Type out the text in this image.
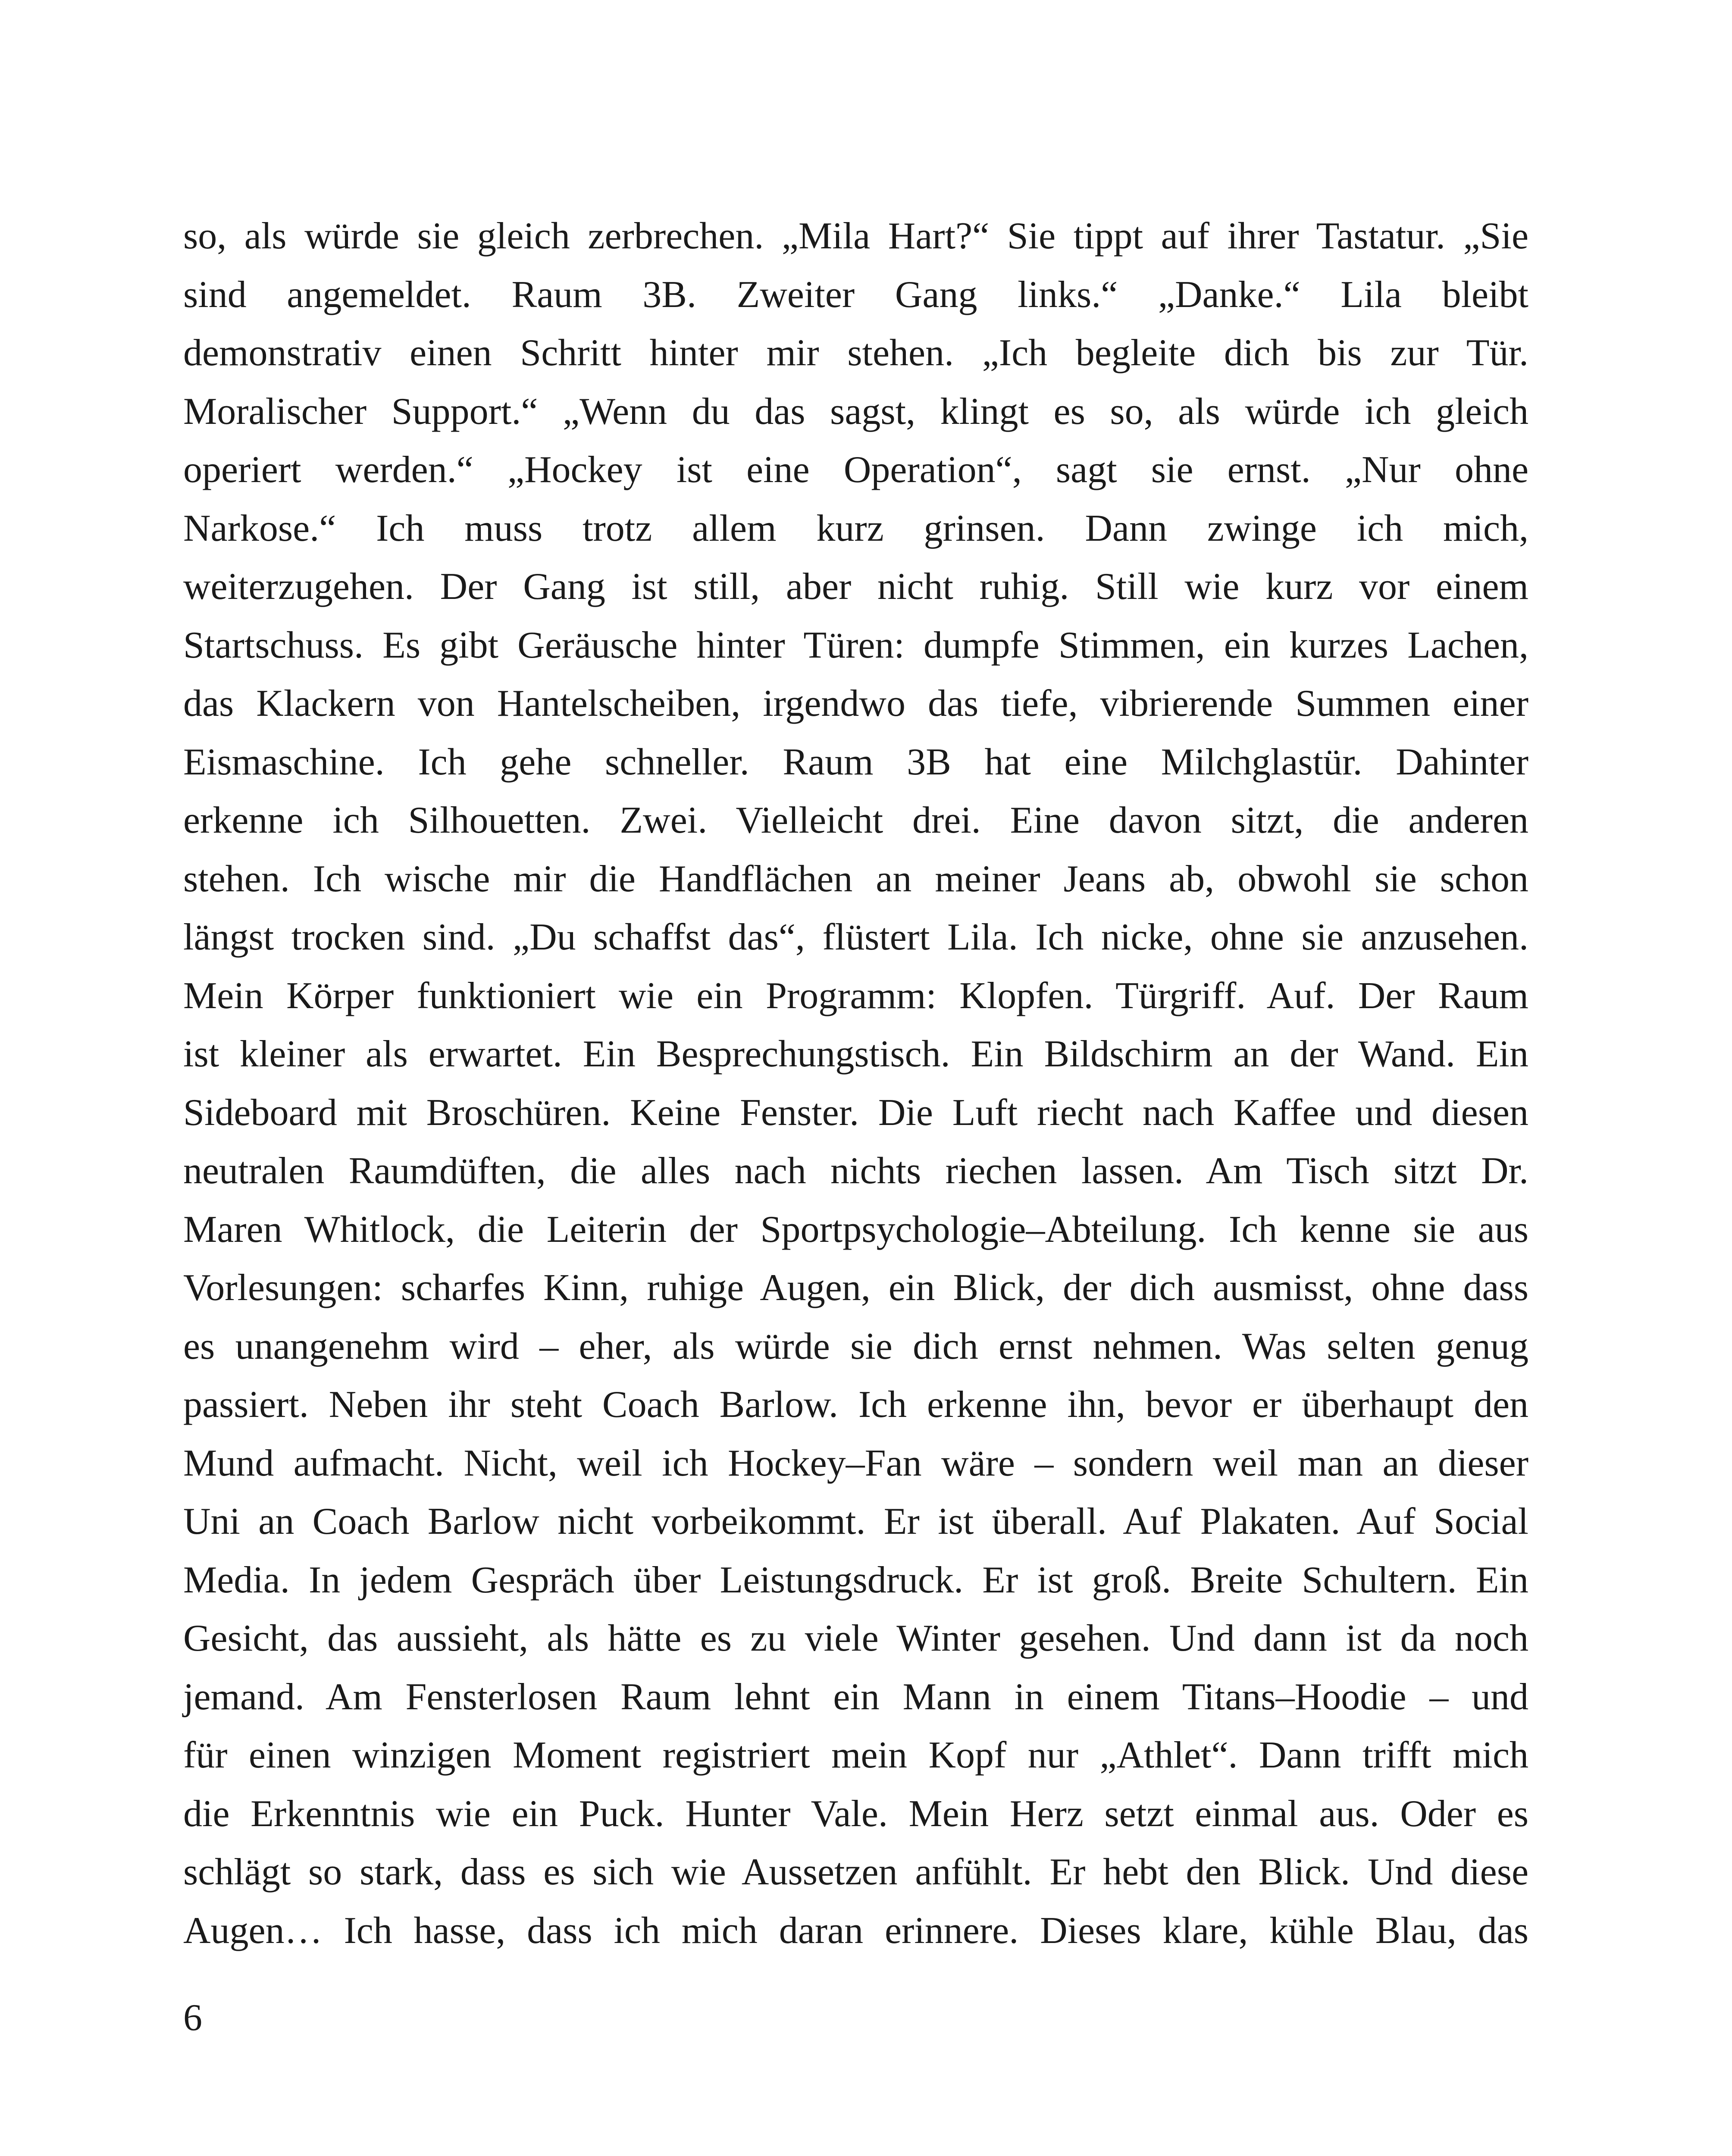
so, als würde sie gleich zerbrechen. „Mila Hart?“ Sie tippt auf ihrer Tastatur. „Sie
sind angemeldet. Raum 3B. Zweiter Gang links.“ „Danke.“ Lila bleibt
demonstrativ einen Schritt hinter mir stehen. „Ich begleite dich bis zur Tür.
Moralischer Support.“ „Wenn du das sagst, klingt es so, als würde ich gleich
operiert werden.“ „Hockey ist eine Operation“, sagt sie ernst. „Nur ohne
Narkose.“ Ich muss trotz allem kurz grinsen. Dann zwinge ich mich,
weiterzugehen. Der Gang ist still, aber nicht ruhig. Still wie kurz vor einem
Startschuss. Es gibt Geräusche hinter Türen: dumpfe Stimmen, ein kurzes Lachen,
das Klackern von Hantelscheiben, irgendwo das tiefe, vibrierende Summen einer
Eismaschine. Ich gehe schneller. Raum 3B hat eine Milchglastür. Dahinter
erkenne ich Silhouetten. Zwei. Vielleicht drei. Eine davon sitzt, die anderen
stehen. Ich wische mir die Handflächen an meiner Jeans ab, obwohl sie schon
längst trocken sind. „Du schaffst das“, flüstert Lila. Ich nicke, ohne sie anzusehen.
Mein Körper funktioniert wie ein Programm: Klopfen. Türgriff. Auf. Der Raum
ist kleiner als erwartet. Ein Besprechungstisch. Ein Bildschirm an der Wand. Ein
Sideboard mit Broschüren. Keine Fenster. Die Luft riecht nach Kaffee und diesen
neutralen Raumdüften, die alles nach nichts riechen lassen. Am Tisch sitzt Dr.
Maren Whitlock, die Leiterin der Sportpsychologie–Abteilung. Ich kenne sie aus
Vorlesungen: scharfes Kinn, ruhige Augen, ein Blick, der dich ausmisst, ohne dass
es unangenehm wird – eher, als würde sie dich ernst nehmen. Was selten genug
passiert. Neben ihr steht Coach Barlow. Ich erkenne ihn, bevor er überhaupt den
Mund aufmacht. Nicht, weil ich Hockey–Fan wäre – sondern weil man an dieser
Uni an Coach Barlow nicht vorbeikommt. Er ist überall. Auf Plakaten. Auf Social
Media. In jedem Gespräch über Leistungsdruck. Er ist groß. Breite Schultern. Ein
Gesicht, das aussieht, als hätte es zu viele Winter gesehen. Und dann ist da noch
jemand. Am Fensterlosen Raum lehnt ein Mann in einem Titans–Hoodie – und
für einen winzigen Moment registriert mein Kopf nur „Athlet“. Dann trifft mich
die Erkenntnis wie ein Puck. Hunter Vale. Mein Herz setzt einmal aus. Oder es
schlägt so stark, dass es sich wie Aussetzen anfühlt. Er hebt den Blick. Und diese
Augen… Ich hasse, dass ich mich daran erinnere. Dieses klare, kühle Blau, das
6
